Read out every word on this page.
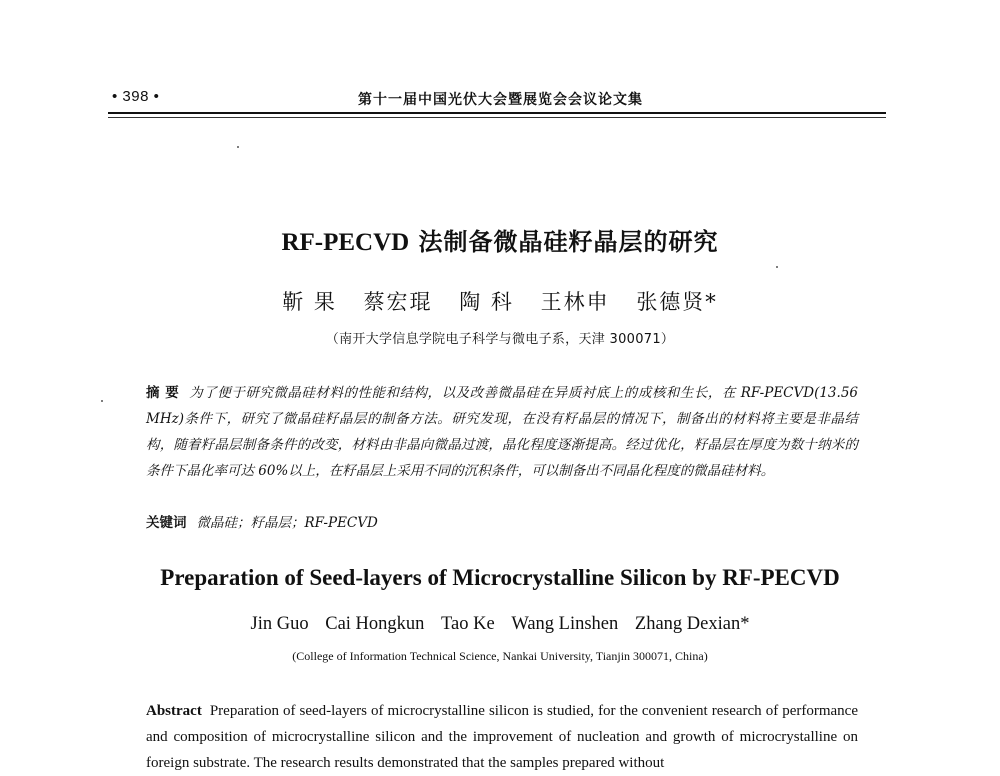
• 398 •	第十一届中国光伏大会暨展览会会议论文集
RF-PECVD 法制备微晶硅籽晶层的研究
靳 果 蔡宏琨 陶 科 王林申 张德贤*
（南开大学信息学院电子科学与微电子系，天津 300071）
摘 要 为了便于研究微晶硅材料的性能和结构，以及改善微晶硅在异质衬底上的成核和生长，在 RF-PECVD(13.56 MHz)条件下，研究了微晶硅籽晶层的制备方法。研究发现，在没有籽晶层的情况下，制备出的材料将主要是非晶结构，随着籽晶层制备条件的改变，材料由非晶向微晶过渡，晶化程度逐渐提高。经过优化，籽晶层在厚度为数十纳米的条件下晶化率可达 60%以上，在籽晶层上采用不同的沉积条件，可以制备出不同晶化程度的微晶硅材料。
关键词 微晶硅；籽晶层；RF-PECVD
Preparation of Seed-layers of Microcrystalline Silicon by RF-PECVD
Jin Guo Cai Hongkun Tao Ke Wang Linshen Zhang Dexian*
(College of Information Technical Science, Nankai University, Tianjin 300071, China)
Abstract Preparation of seed-layers of microcrystalline silicon is studied, for the convenient research of performance and composition of microcrystalline silicon and the improvement of nucleation and growth of microcrystalline on foreign substrate. The research results demonstrated that the samples prepared without
